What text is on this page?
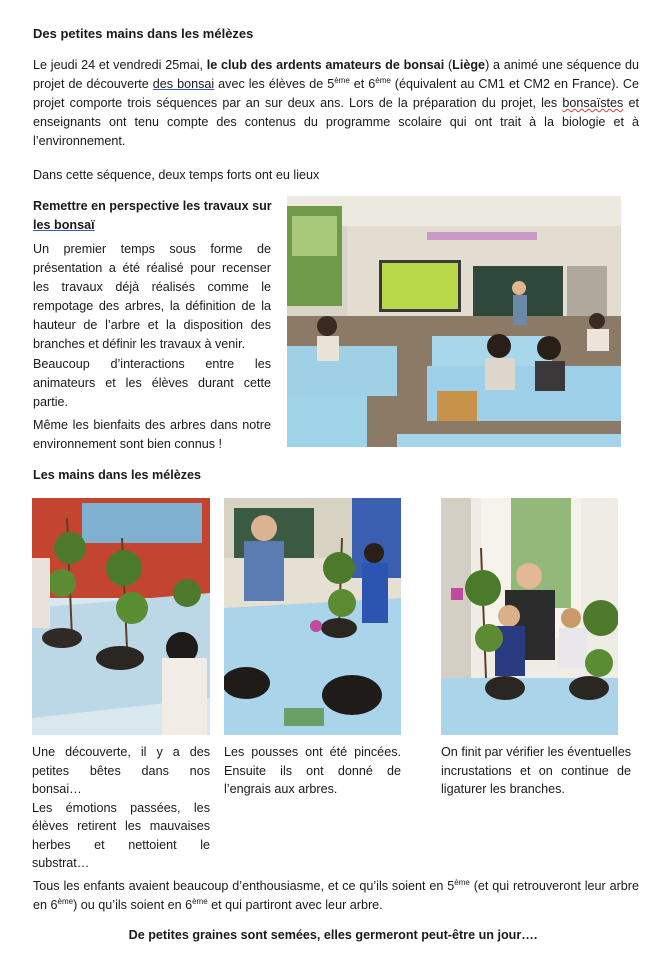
Des petites mains dans les mélèzes
Le jeudi 24 et vendredi 25mai, le club des ardents amateurs de bonsai (Liège) a animé une séquence du projet de découverte des bonsai avec les élèves de 5ème et 6ème (équivalent au CM1 et CM2 en France). Ce projet comporte trois séquences par an sur deux ans. Lors de la préparation du projet, les bonsaïstes et enseignants ont tenu compte des contenus du programme scolaire qui ont trait à la biologie et à l’environnement.
Dans cette séquence, deux temps forts ont eu lieux
Remettre en perspective les travaux sur les bonsaï
Un premier temps sous forme de présentation a été réalisé pour recenser les travaux déjà réalisés comme le rempotage des arbres, la définition de la hauteur de l’arbre et la disposition des branches et définir les travaux à venir.
Beaucoup d’interactions entre les animateurs et les élèves durant cette partie.
Même les bienfaits des arbres dans notre environnement sont bien connus !
Les mains dans les mélèzes
Une découverte, il y a des petites bêtes dans nos bonsai…
Les émotions passées, les élèves retirent les mauvaises herbes et nettoient le substrat…
Les pousses ont été pincées. Ensuite ils ont donné de l’engrais aux arbres.
On finit par vérifier les éventuelles incrustations et on continue de ligaturer les branches.
Tous les enfants avaient beaucoup d’enthousiasme, et ce qu’ils soient en 5ème (et qui retrouveront leur arbre en 6ème) ou qu’ils soient en 6ème et qui partiront avec leur arbre.
De petites graines sont semées, elles germeront peut-être un jour….
